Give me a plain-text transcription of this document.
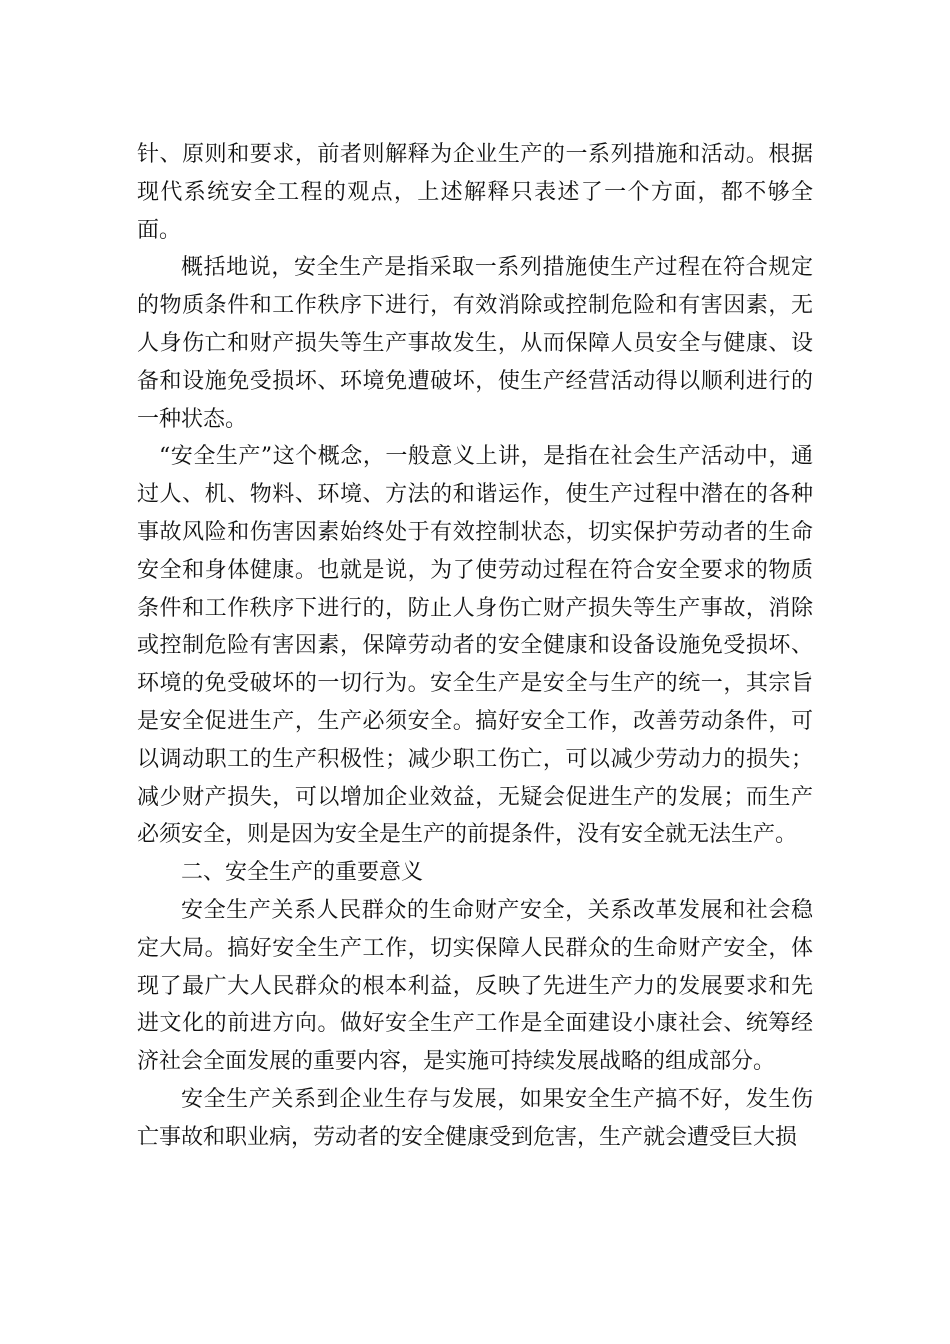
针、原则和要求，前者则解释为企业生产的一系列措施和活动。根据现代系统安全工程的观点，上述解释只表述了一个方面，都不够全面。

概括地说，安全生产是指采取一系列措施使生产过程在符合规定的物质条件和工作秩序下进行，有效消除或控制危险和有害因素，无人身伤亡和财产损失等生产事故发生，从而保障人员安全与健康、设备和设施免受损坏、环境免遭破坏，使生产经营活动得以顺利进行的一种状态。

“安全生产”这个概念，一般意义上讲，是指在社会生产活动中，通过人、机、物料、环境、方法的和谐运作，使生产过程中潜在的各种事故风险和伤害因素始终处于有效控制状态，切实保护劳动者的生命安全和身体健康。也就是说，为了使劳动过程在符合安全要求的物质条件和工作秩序下进行的，防止人身伤亡财产损失等生产事故，消除或控制危险有害因素，保障劳动者的安全健康和设备设施免受损坏、环境的免受破坏的一切行为。安全生产是安全与生产的统一，其宗旨是安全促进生产，生产必须安全。搞好安全工作，改善劳动条件，可以调动职工的生产积极性；减少职工伤亡，可以减少劳动力的损失；减少财产损失，可以增加企业效益，无疑会促进生产的发展；而生产必须安全，则是因为安全是生产的前提条件，没有安全就无法生产。

二、安全生产的重要意义

安全生产关系人民群众的生命财产安全，关系改革发展和社会稳定大局。搞好安全生产工作，切实保障人民群众的生命财产安全，体现了最广大人民群众的根本利益，反映了先进生产力的发展要求和先进文化的前进方向。做好安全生产工作是全面建设小康社会、统筹经济社会全面发展的重要内容，是实施可持续发展战略的组成部分。

安全生产关系到企业生存与发展，如果安全生产搞不好，发生伤亡事故和职业病，劳动者的安全健康受到危害，生产就会遭受巨大损
